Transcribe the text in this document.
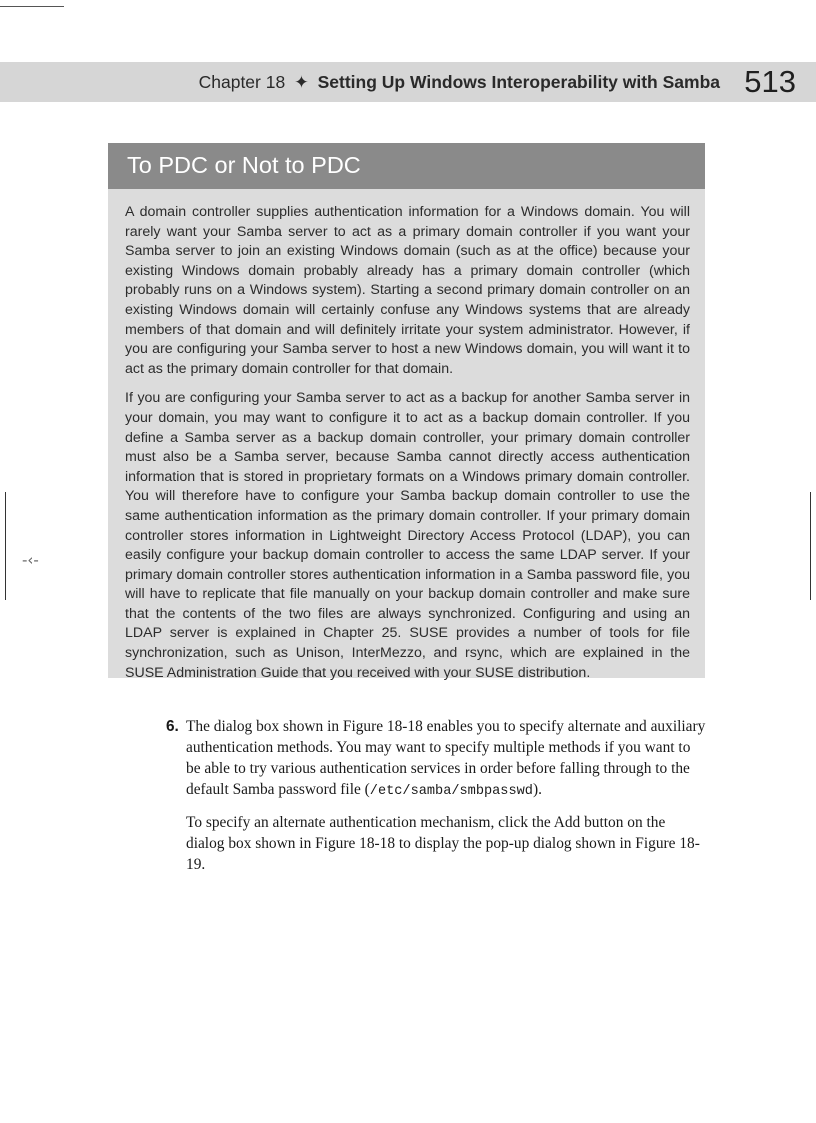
Chapter 18 ✦ Setting Up Windows Interoperability with Samba 513
To PDC or Not to PDC

A domain controller supplies authentication information for a Windows domain. You will rarely want your Samba server to act as a primary domain controller if you want your Samba server to join an existing Windows domain (such as at the office) because your existing Windows domain probably already has a primary domain controller (which probably runs on a Windows system). Starting a second primary domain controller on an existing Windows domain will certainly confuse any Windows systems that are already members of that domain and will definitely irritate your system administrator. However, if you are configuring your Samba server to host a new Windows domain, you will want it to act as the primary domain controller for that domain.

If you are configuring your Samba server to act as a backup for another Samba server in your domain, you may want to configure it to act as a backup domain controller. If you define a Samba server as a backup domain controller, your primary domain controller must also be a Samba server, because Samba cannot directly access authentication information that is stored in proprietary formats on a Windows primary domain controller. You will therefore have to configure your Samba backup domain controller to use the same authentication information as the primary domain controller. If your primary domain controller stores information in Lightweight Directory Access Protocol (LDAP), you can easily configure your backup domain controller to access the same LDAP server. If your primary domain controller stores authentication information in a Samba password file, you will have to replicate that file manually on your backup domain controller and make sure that the contents of the two files are always synchronized. Configuring and using an LDAP server is explained in Chapter 25. SUSE provides a number of tools for file synchronization, such as Unison, InterMezzo, and rsync, which are explained in the SUSE Administration Guide that you received with your SUSE distribution.

-‹-
6. The dialog box shown in Figure 18-18 enables you to specify alternate and auxiliary authentication methods. You may want to specify multiple methods if you want to be able to try various authentication services in order before falling through to the default Samba password file (/etc/samba/smbpasswd).

To specify an alternate authentication mechanism, click the Add button on the dialog box shown in Figure 18-18 to display the pop-up dialog shown in Figure 18-19.
